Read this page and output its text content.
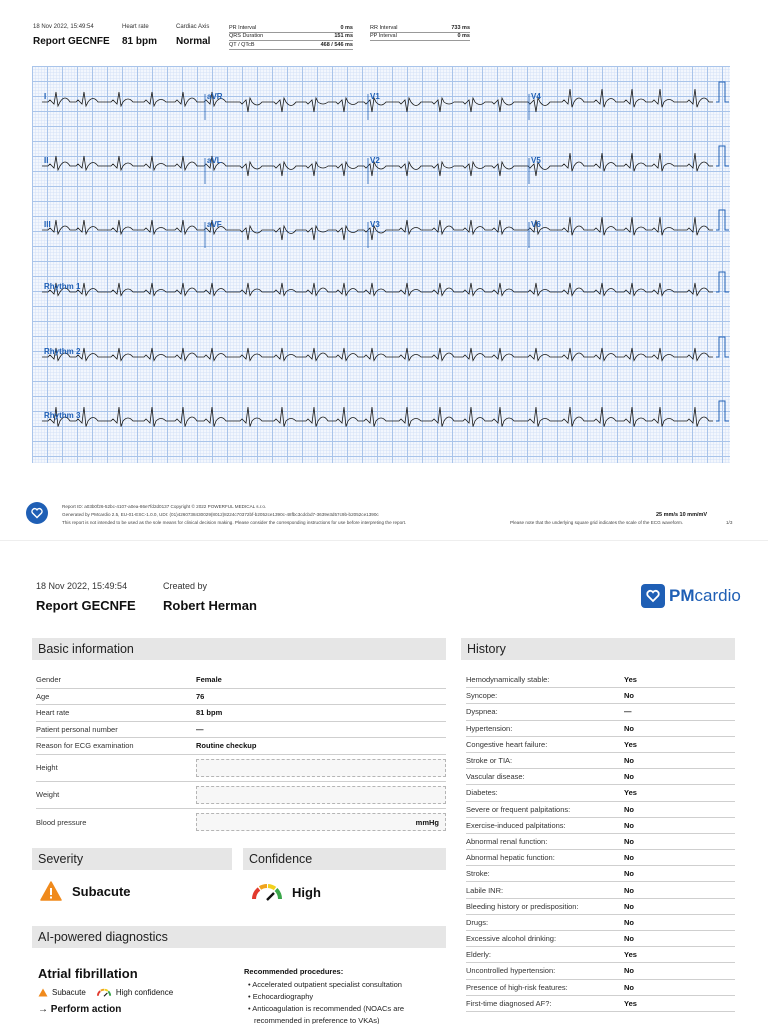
18 Nov 2022, 15:49:54
Report GECNFE
Heart rate
81 bpm
Cardiac Axis
Normal
PR Interval	0 ms
QRS Duration	151 ms
QT / QTcB	468 / 546 ms
RR Interval	733 ms
PP Interval	0 ms
I	aVR	V1	V4
II	aVL	V2	V5
III	aVF	V3	V6
Rhythm 1
Rhythm 2
Rhythm 3
Report ID: a03b0f26-52bc-4107-a0ea-86e7fd2d0137 Copyright © 2022 POWERFUL MEDICAL s.r.o.
Generated by PMcardio 2.5, EU-01-ESC-1.0.0, UDI: (01)4260738430029(8012)8224c70372bf-b2052ce1390c-48fbc3cdcbd7-3639e3d57c9b-b2052ce1390c
This report is not intended to be used as the sole means for clinical decision making. Please consider the corresponding instructions for use before interpreting the report.
25 mm/s 10 mm/mV
Please note that the underlying square grid indicates the scale of the ECG waveform.	1/3
18 Nov 2022, 15:49:54
Report GECNFE
Created by
Robert Herman
PMcardio
Basic information
Gender	Female
Age	76
Heart rate	81 bpm
Patient personal number	—
Reason for ECG examination	Routine checkup
Height
Weight
Blood pressure	mmHg
Severity	Confidence
Subacute	High
AI-powered diagnostics
Atrial fibrillation
Subacute	High confidence
→ Perform action
Recommended procedures:
• Accelerated outpatient specialist consultation
• Echocardiography
• Anticoagulation is recommended (NOACs are
recommended in preference to VKAs)
History
Hemodynamically stable:	Yes
Syncope:	No
Dyspnea:	—
Hypertension:	No
Congestive heart failure:	Yes
Stroke or TIA:	No
Vascular disease:	No
Diabetes:	Yes
Severe or frequent palpitations:	No
Exercise-induced palpitations:	No
Abnormal renal function:	No
Abnormal hepatic function:	No
Stroke:	No
Labile INR:	No
Bleeding history or predisposition:	No
Drugs:	No
Excessive alcohol drinking:	No
Elderly:	Yes
Uncontrolled hypertension:	No
Presence of high-risk features:	No
First-time diagnosed AF?:	Yes
